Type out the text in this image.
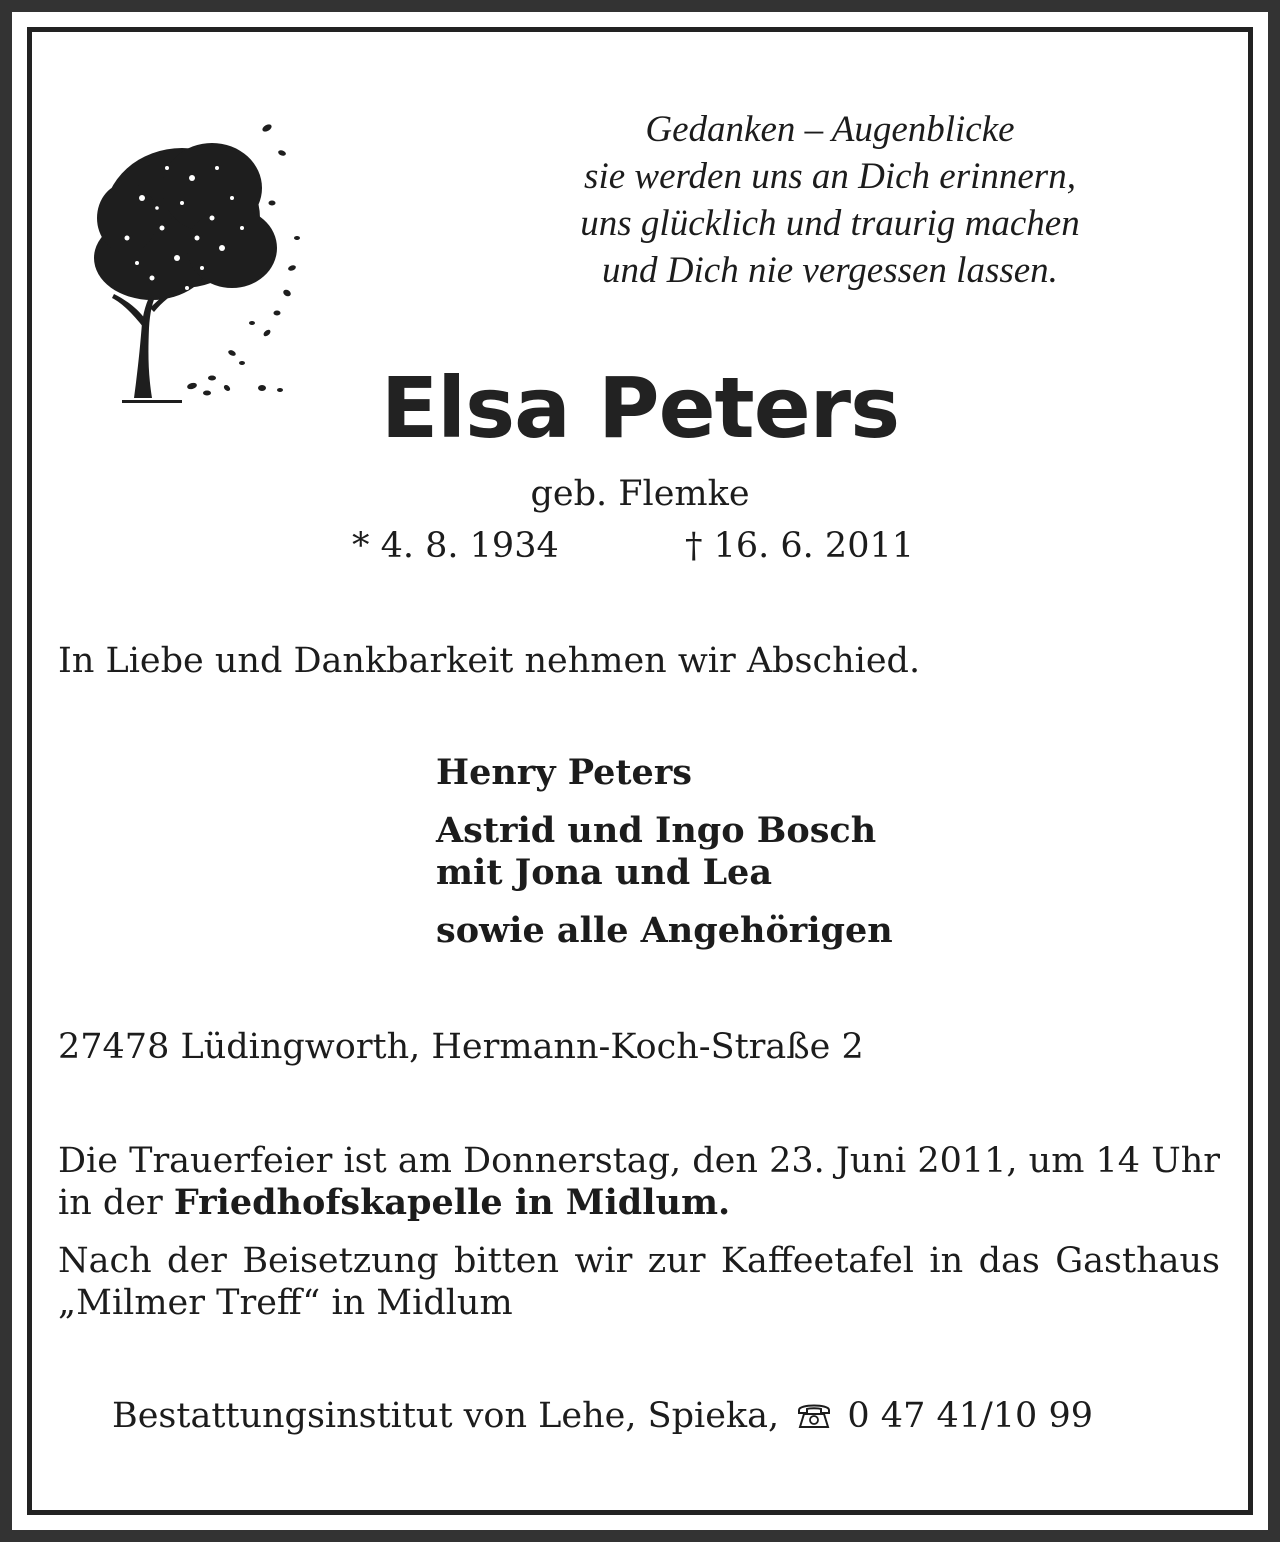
Gedanken – Augenblicke
sie werden uns an Dich erinnern,
uns glücklich und traurig machen
und Dich nie vergessen lassen.
Elsa Peters
geb. Flemke
* 4. 8. 1934	† 16. 6. 2011
In Liebe und Dankbarkeit nehmen wir Abschied.
Henry Peters
Astrid und Ingo Bosch
mit Jona und Lea
sowie alle Angehörigen
27478 Lüdingworth, Hermann-Koch-Straße 2
Die Trauerfeier ist am Donnerstag, den 23. Juni 2011, um 14 Uhr in der Friedhofskapelle in Midlum.
Nach der Beisetzung bitten wir zur Kaffeetafel in das Gasthaus „Milmer Treff“ in Midlum
Bestattungsinstitut von Lehe, Spieka, 0 47 41/10 99
